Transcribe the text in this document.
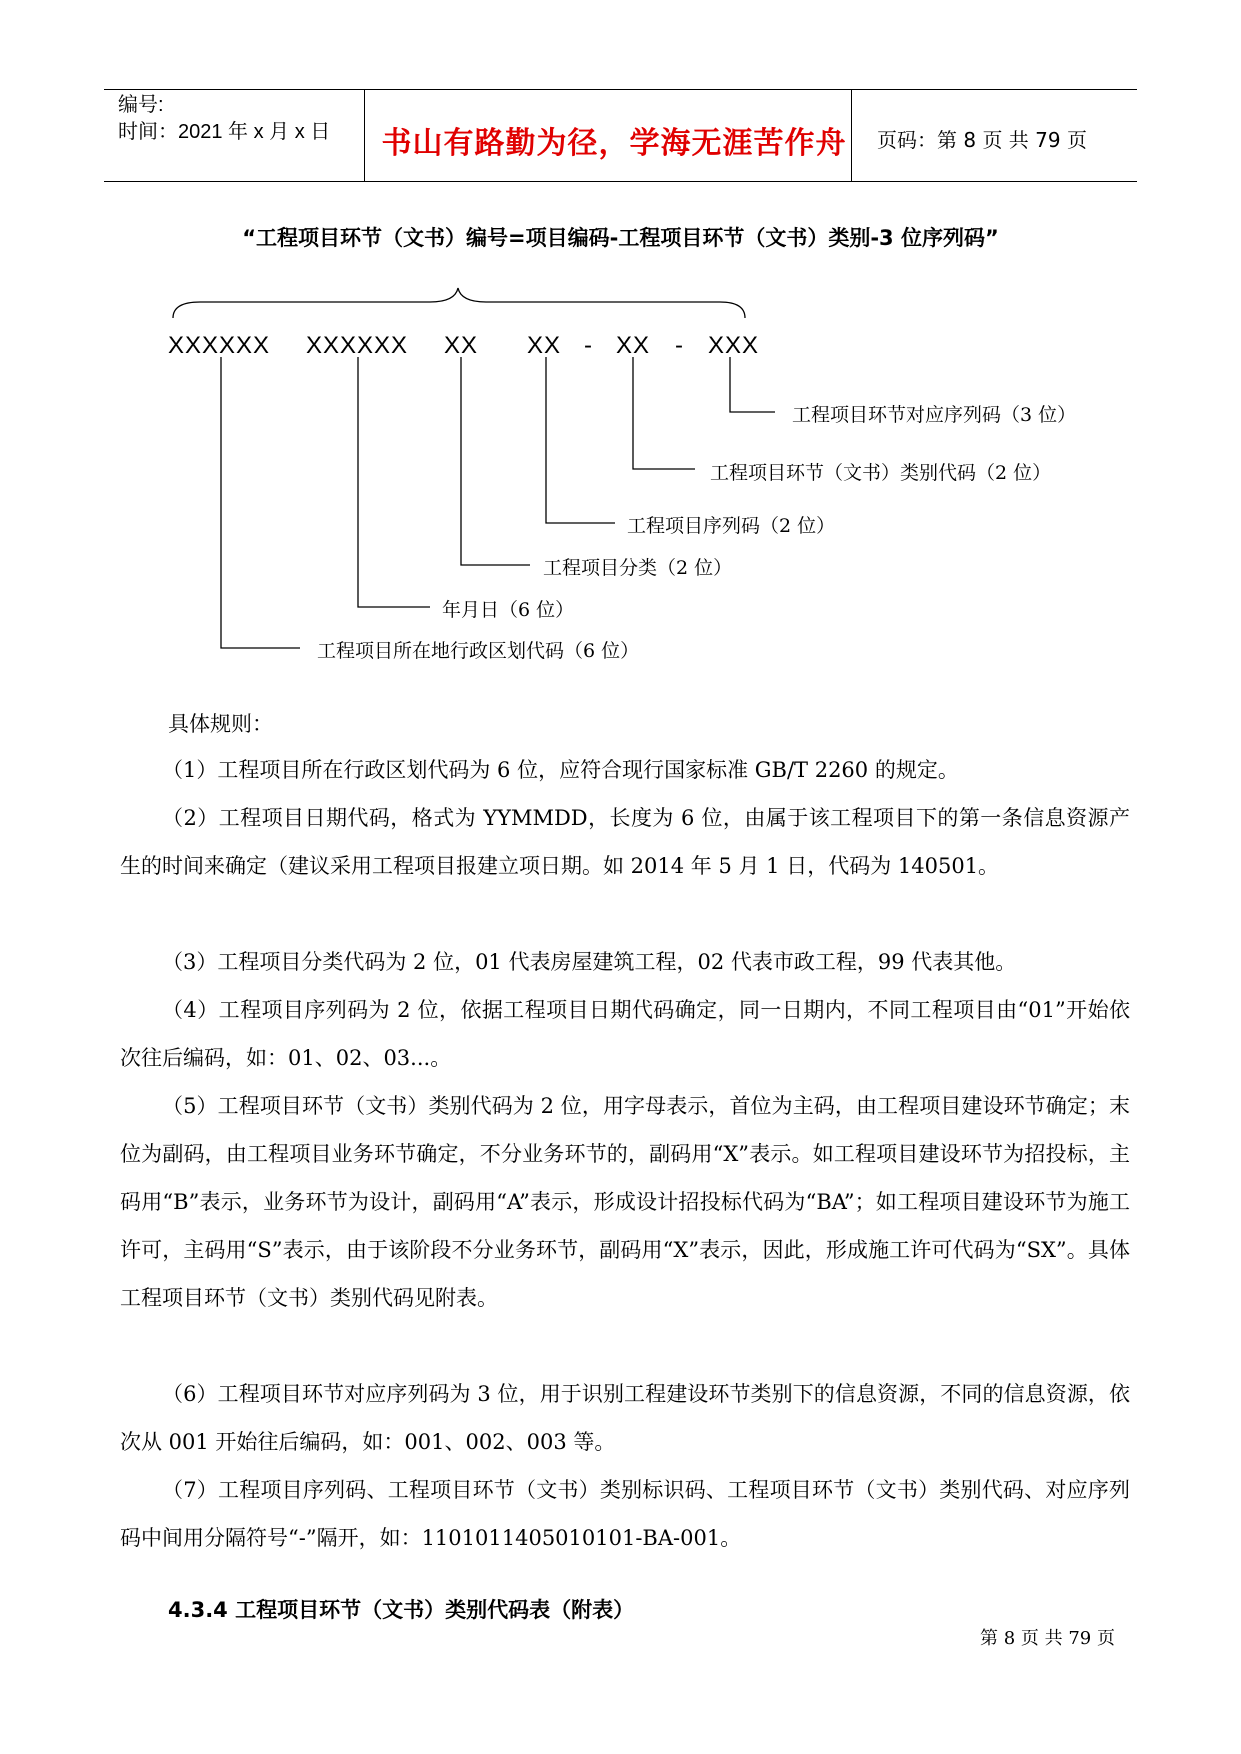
编号:
时间：2021 年 x 月 x 日	书山有路勤为径，学海无涯苦作舟	页码：第 8 页 共 79 页
“工程项目环节（文书）编号=项目编码-工程项目环节（文书）类别-3 位序列码”
XXXXXX XXXXXX XX XX - XX - XXX
工程项目环节对应序列码（3 位）
工程项目环节（文书）类别代码（2 位）
工程项目序列码（2 位）
工程项目分类（2 位）
年月日（6 位）
工程项目所在地行政区划代码（6 位）
具体规则：
（1）工程项目所在行政区划代码为 6 位，应符合现行国家标准 GB/T 2260 的规定。
（2）工程项目日期代码，格式为 YYMMDD，长度为 6 位，由属于该工程项目下的第一条信息资源产生的时间来确定（建议采用工程项目报建立项日期。如 2014 年 5 月 1 日，代码为 140501。
（3）工程项目分类代码为 2 位，01 代表房屋建筑工程，02 代表市政工程，99 代表其他。
（4）工程项目序列码为 2 位，依据工程项目日期代码确定，同一日期内，不同工程项目由“01”开始依次往后编码，如：01、02、03...。
（5）工程项目环节（文书）类别代码为 2 位，用字母表示，首位为主码，由工程项目建设环节确定；末位为副码，由工程项目业务环节确定，不分业务环节的，副码用“X”表示。如工程项目建设环节为招投标，主码用“B”表示，业务环节为设计，副码用“A”表示，形成设计招投标代码为“BA”；如工程项目建设环节为施工许可，主码用“S”表示，由于该阶段不分业务环节，副码用“X”表示，因此，形成施工许可代码为“SX”。具体工程项目环节（文书）类别代码见附表。
（6）工程项目环节对应序列码为 3 位，用于识别工程建设环节类别下的信息资源，不同的信息资源，依次从 001 开始往后编码，如：001、002、003 等。
（7）工程项目序列码、工程项目环节（文书）类别标识码、工程项目环节（文书）类别代码、对应序列码中间用分隔符号“-”隔开，如：1101011405010101-BA-001。
4.3.4 工程项目环节（文书）类别代码表（附表）
第 8 页 共 79 页
